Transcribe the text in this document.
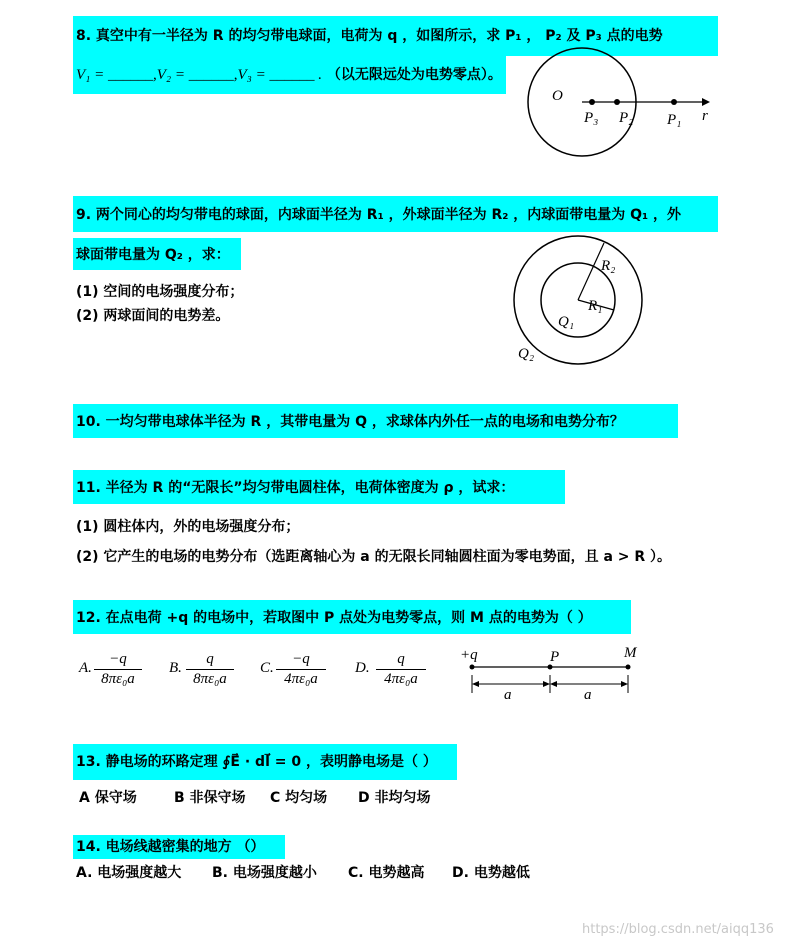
8. 真空中有一半径为 R 的均匀带电球面，电荷为 q ，如图所示，求 P₁ ， P₂ 及 P₃ 点的电势
V₁ = ______,V₂ = ______,V₃ = ______ . （以无限远处为电势零点）。
O
P₃ P₂ P₁ r
9. 两个同心的均匀带电的球面，内球面半径为 R₁ ，外球面半径为 R₂ ，内球面带电量为 Q₁ ，外
球面带电量为 Q₂ ，求：
(1) 空间的电场强度分布；
(2) 两球面间的电势差。
R₂
R₁
Q₁
Q₂
10. 一均匀带电球体半径为 R ，其带电量为 Q ，求球体内外任一点的电场和电势分布？
11. 半径为 R 的“无限长”均匀带电圆柱体，电荷体密度为 ρ ，试求：
(1) 圆柱体内，外的电场强度分布；
(2) 它产生的电场的电势分布（选距离轴心为 a 的无限长同轴圆柱面为零电势面，且 a > R ）。
12. 在点电荷 +q 的电场中，若取图中 P 点处为电势零点，则 M 点的电势为（ ）
A.
−q
8πε₀a
B.
q
8πε₀a
C.
−q
4πε₀a
D.
q
4πε₀a
+q	P	M
a	a
13. 静电场的环路定理 ∮E⃗ · dl⃗ = 0 ，表明静电场是（ ）
A 保守场	B 非保守场 C 均匀场 D 非均匀场
14. 电场线越密集的地方 （）
A. 电场强度越大 B. 电场强度越小 C. 电势越高 D. 电势越低
https://blog.csdn.net/aiqq136
